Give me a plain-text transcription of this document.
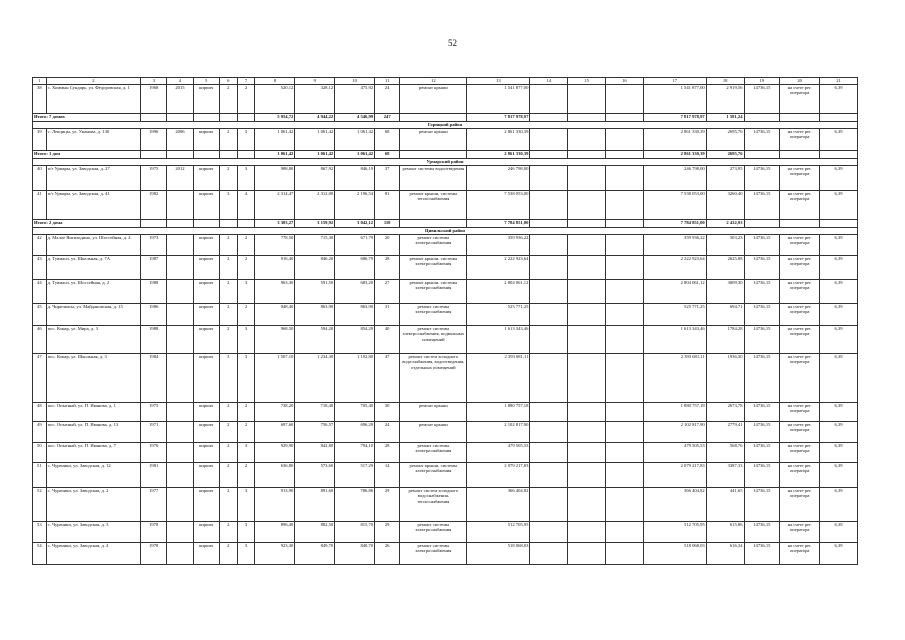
52
1	2	3	4	5	6	7	8	9	10	11	12	13	14	15	16	17	18	19	20	21
38	с. Хоммын Сундарь, ул. Фёдоровская, д. 1	1968	2015	кирпич	2	2	520,12	328,12	475,92	24	ремонт крыши	1 541 877,00				1 541 877,00	2 919,56	14736,15	на счете рег. оператора	6,39
Итого: 7 домов							5 954,72	4 944,22	4 546,99	247		7 817 978,97				7 817 978,97	1 581,24			
Горицкий район																				
39	с. Лекцицы, ул. Уманова, д. 130	1996	2006	кирпич	2	3	1 061,42	1 061,42	1 061,42	68	ремонт крыши	2 861 330,39				2 861 330,39	2695,76	14736,15	на счете рег. оператора	6,39
Итого: 1 дом							1 061,42	1 061,42	1 061,42	68		2 861 330,39				2 861 330,39	2695,76			
Урмарский район																				
40	п/т Урмары, ул. Заводская, д. 27	1975	2012	кирпич	2	3	988,80	867,92	846,19	37	ремонт системы водоотведения	246 798,00				246 798,00	273,95	14736,15	на счете рег. оператора	6,39
41	п/т Урмары, ул. Заводская, д. 41	1982		кирпич	3	4	2 314,47	2 312,00	2 196,54	81	ремонт крыши, системы теплоснабжения	7 538 053,00				7 538 053,00	3260,40	14736,15	на счете рег. оператора	6,39
Итого: 2 дома							3 303,27	3 159,92	3 042,12	118		7 784 851,00				7 784 851,00	2 432,93			
Цивильский район																				
42	д. Малое Янгильдино, ул. Шоссейная, д. 4	1973		кирпич	2	2	778,50	715,30	671,79	20	ремонт системы электроснабжения	359 936,22				359 936,22	503,23	14736,15	на счете рег. оператора	6,39
43	д. Тувмаси, ул. Шкальная, д. 7А	1987		кирпич	2	2	916,40	846,20	686,79	28	ремонт крыши, системы электроснабжения	2 222 923,64				2 222 923,64	2625,88	14736,15	на счете рег. оператора	6,39
44	д. Тувмаси, ул. Шоссейная, д. 2	1988		кирпич	2	3	963,30	591,50	683,20	27	ремонт крыши, системы электроснабжения	2 804 061,12				2 804 061,12	3009,30	14736,15	на счете рег. оператора	6,39
45	д. Чиричкасы, ул. Майдановская, д. 15	1986		кирпич	2	2	948,40	863,90	863,90	31	ремонт системы электроснабжения	525 771,25				525 771,25	694,71	14736,15	на счете рег. оператора	6,39
46	пос. Конар, ул. Мира, д. 3	1988		кирпич	2	3	968,50	594,20	854,29	40	ремонт системы электроснабжения, подвальных помещений	1 613 343,46				1 613 343,46	1784,28	14736,15	на счете рег. оператора	6,39
47	пос. Конар, ул. Школьная, д. 3	1984		кирпич	3	3	1 507,10	1 234,30	1 192,80	47	ремонт систем холодного водоснабжения, водоотведения, отдельных помещений	2 393 681,11				2 393 681,11	1936,30	14736,15	на счете рег. оператора	6,39
48	пос. Опытный, ул. П. Иванова, д. 1	1975		кирпич	2	2	738,20	718,40	705,40	30	ремонт крыши	1 880 757,18				1 880 757,18	2673,78	14736,15	на счете рег. оператора	6,39
49	пос. Опытный, ул. П. Иванова, д. 13	1971		кирпич	2	2	697,60	756,57	696,29	24	ремонт крыши	2 102 817,90				2 102 817,90	2779,41	14736,15	на счете рег. оператора	6,39
50	пос. Опытный, ул. П. Иванова, д. 7	1976		кирпич	2	3	929,90	842,80	794,10	28	ремонт системы электроснабжения	479 505,53				479 505,53	568,76	14736,15	на счете рег. оператора	6,39
51	с. Чурачики, ул. Заводская, д. 12	1981		кирпич	2	2	636,80	573,60	517,29	14	ремонт крыши, системы электроснабжения	2 079 217,83				2 079 217,83	3387,33	14736,15	на счете рег. оператора	6,39
52	с. Чурачики, ул. Заводская, д. 2	1977		кирпич	2	3	913,90	891,60	786,86	29	ремонт систем холодного водоснабжения, теплоснабжения	366 404,82				366 404,82	441,65	14736,15	на счете рег. оператора	6,39
53	с. Чурачики, ул. Заводская, д. 3	1978		кирпич	2	3	896,40	882,50	815,70	29	ремонт системы электроснабжения	512 705,95				512 705,95	615,86	14736,15	на счете рег. оператора	6,39
54	с. Чурачики, ул. Заводская, д. 4	1978		кирпич	2	3	923,30	849,70	840,70	26	ремонт системы электроснабжения	518 068,03				518 068,03	616,34	14736,15	на счете рег. оператора	6,39
